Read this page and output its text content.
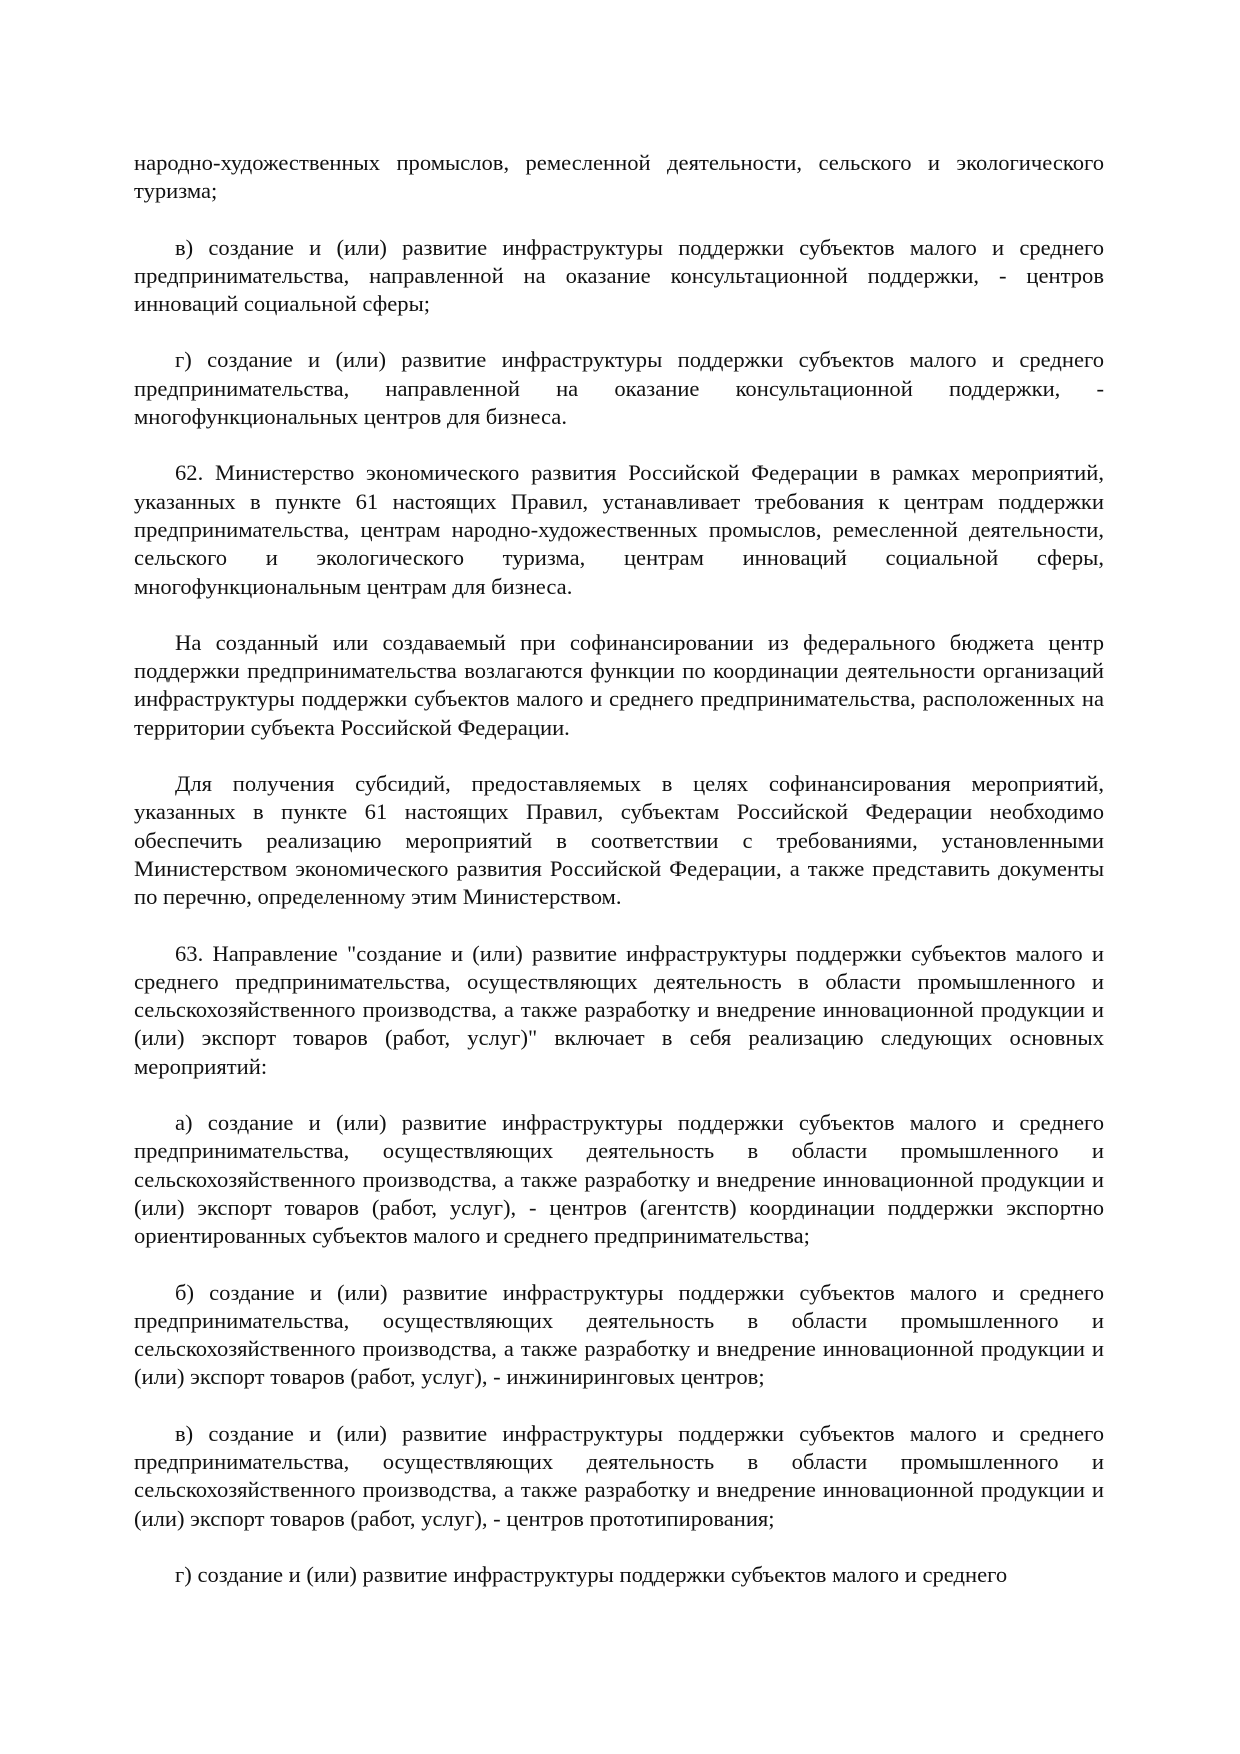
народно-художественных промыслов, ремесленной деятельности, сельского и экологического туризма;

в) создание и (или) развитие инфраструктуры поддержки субъектов малого и среднего предпринимательства, направленной на оказание консультационной поддержки, - центров инноваций социальной сферы;

г) создание и (или) развитие инфраструктуры поддержки субъектов малого и среднего предпринимательства, направленной на оказание консультационной поддержки, - многофункциональных центров для бизнеса.

62. Министерство экономического развития Российской Федерации в рамках мероприятий, указанных в пункте 61 настоящих Правил, устанавливает требования к центрам поддержки предпринимательства, центрам народно-художественных промыслов, ремесленной деятельности, сельского и экологического туризма, центрам инноваций социальной сферы, многофункциональным центрам для бизнеса.

На созданный или создаваемый при софинансировании из федерального бюджета центр поддержки предпринимательства возлагаются функции по координации деятельности организаций инфраструктуры поддержки субъектов малого и среднего предпринимательства, расположенных на территории субъекта Российской Федерации.

Для получения субсидий, предоставляемых в целях софинансирования мероприятий, указанных в пункте 61 настоящих Правил, субъектам Российской Федерации необходимо обеспечить реализацию мероприятий в соответствии с требованиями, установленными Министерством экономического развития Российской Федерации, а также представить документы по перечню, определенному этим Министерством.

63. Направление "создание и (или) развитие инфраструктуры поддержки субъектов малого и среднего предпринимательства, осуществляющих деятельность в области промышленного и сельскохозяйственного производства, а также разработку и внедрение инновационной продукции и (или) экспорт товаров (работ, услуг)" включает в себя реализацию следующих основных мероприятий:

а) создание и (или) развитие инфраструктуры поддержки субъектов малого и среднего предпринимательства, осуществляющих деятельность в области промышленного и сельскохозяйственного производства, а также разработку и внедрение инновационной продукции и (или) экспорт товаров (работ, услуг), - центров (агентств) координации поддержки экспортно ориентированных субъектов малого и среднего предпринимательства;

б) создание и (или) развитие инфраструктуры поддержки субъектов малого и среднего предпринимательства, осуществляющих деятельность в области промышленного и сельскохозяйственного производства, а также разработку и внедрение инновационной продукции и (или) экспорт товаров (работ, услуг), - инжиниринговых центров;

в) создание и (или) развитие инфраструктуры поддержки субъектов малого и среднего предпринимательства, осуществляющих деятельность в области промышленного и сельскохозяйственного производства, а также разработку и внедрение инновационной продукции и (или) экспорт товаров (работ, услуг), - центров прототипирования;

г) создание и (или) развитие инфраструктуры поддержки субъектов малого и среднего
